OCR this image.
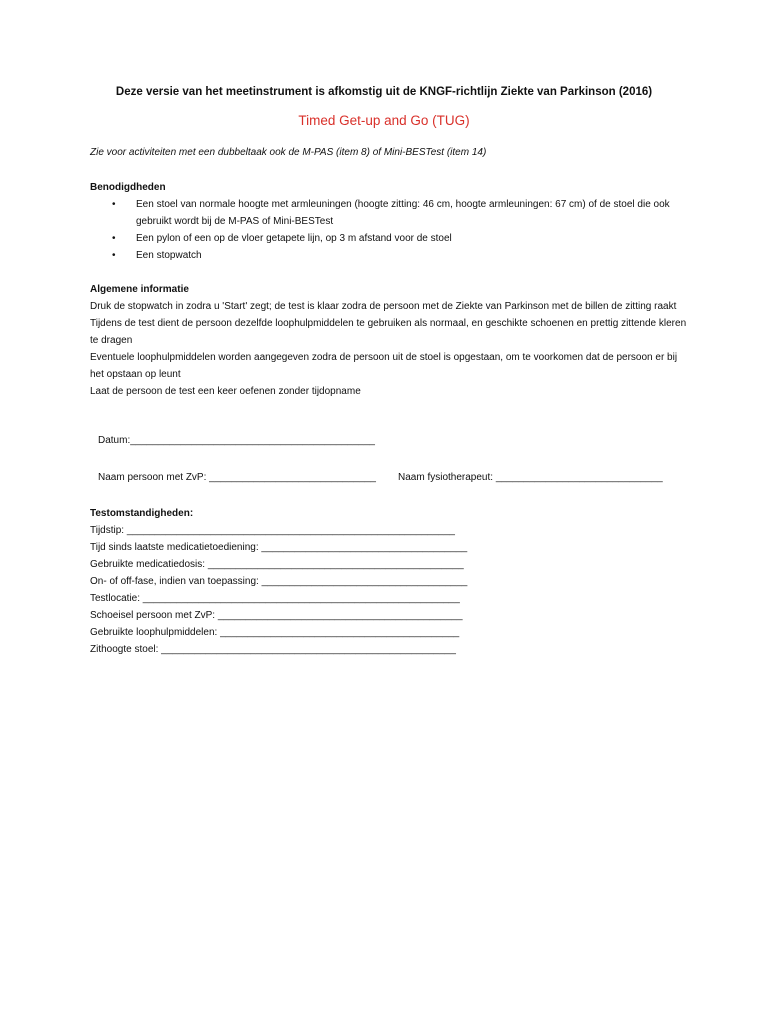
Deze versie van het meetinstrument is afkomstig uit de KNGF-richtlijn Ziekte van Parkinson (2016)
Timed Get-up and Go (TUG)
Zie voor activiteiten met een dubbeltaak ook de M-PAS (item 8) of Mini-BESTest (item 14)
Benodigdheden
• Een stoel van normale hoogte met armleuningen (hoogte zitting: 46 cm, hoogte armleuningen: 67 cm) of de stoel die ook gebruikt wordt bij de M-PAS of Mini-BESTest
• Een pylon of een op de vloer getapete lijn, op 3 m afstand voor de stoel
• Een stopwatch
Algemene informatie
Druk de stopwatch in zodra u 'Start' zegt; de test is klaar zodra de persoon met de Ziekte van Parkinson met de billen de zitting raakt
Tijdens de test dient de persoon dezelfde loophulpmiddelen te gebruiken als normaal, en geschikte schoenen en prettig zittende kleren te dragen
Eventuele loophulpmiddelen worden aangegeven zodra de persoon uit de stoel is opgestaan, om te voorkomen dat de persoon er bij het opstaan op leunt
Laat de persoon de test een keer oefenen zonder tijdopname
Datum:____________________________________________
Naam persoon met ZvP: ______________________________ Naam fysiotherapeut: ______________________________
Testomstandigheden:
Tijdstip: ___________________________________________________________
Tijd sinds laatste medicatietoediening: _____________________________________
Gebruikte medicatiedosis: ______________________________________________
On- of off-fase, indien van toepassing: _____________________________________
Testlocatie: _________________________________________________________
Schoeisel persoon met ZvP: ____________________________________________
Gebruikte loophulpmiddelen: ___________________________________________
Zithoogte stoel: _____________________________________________________
